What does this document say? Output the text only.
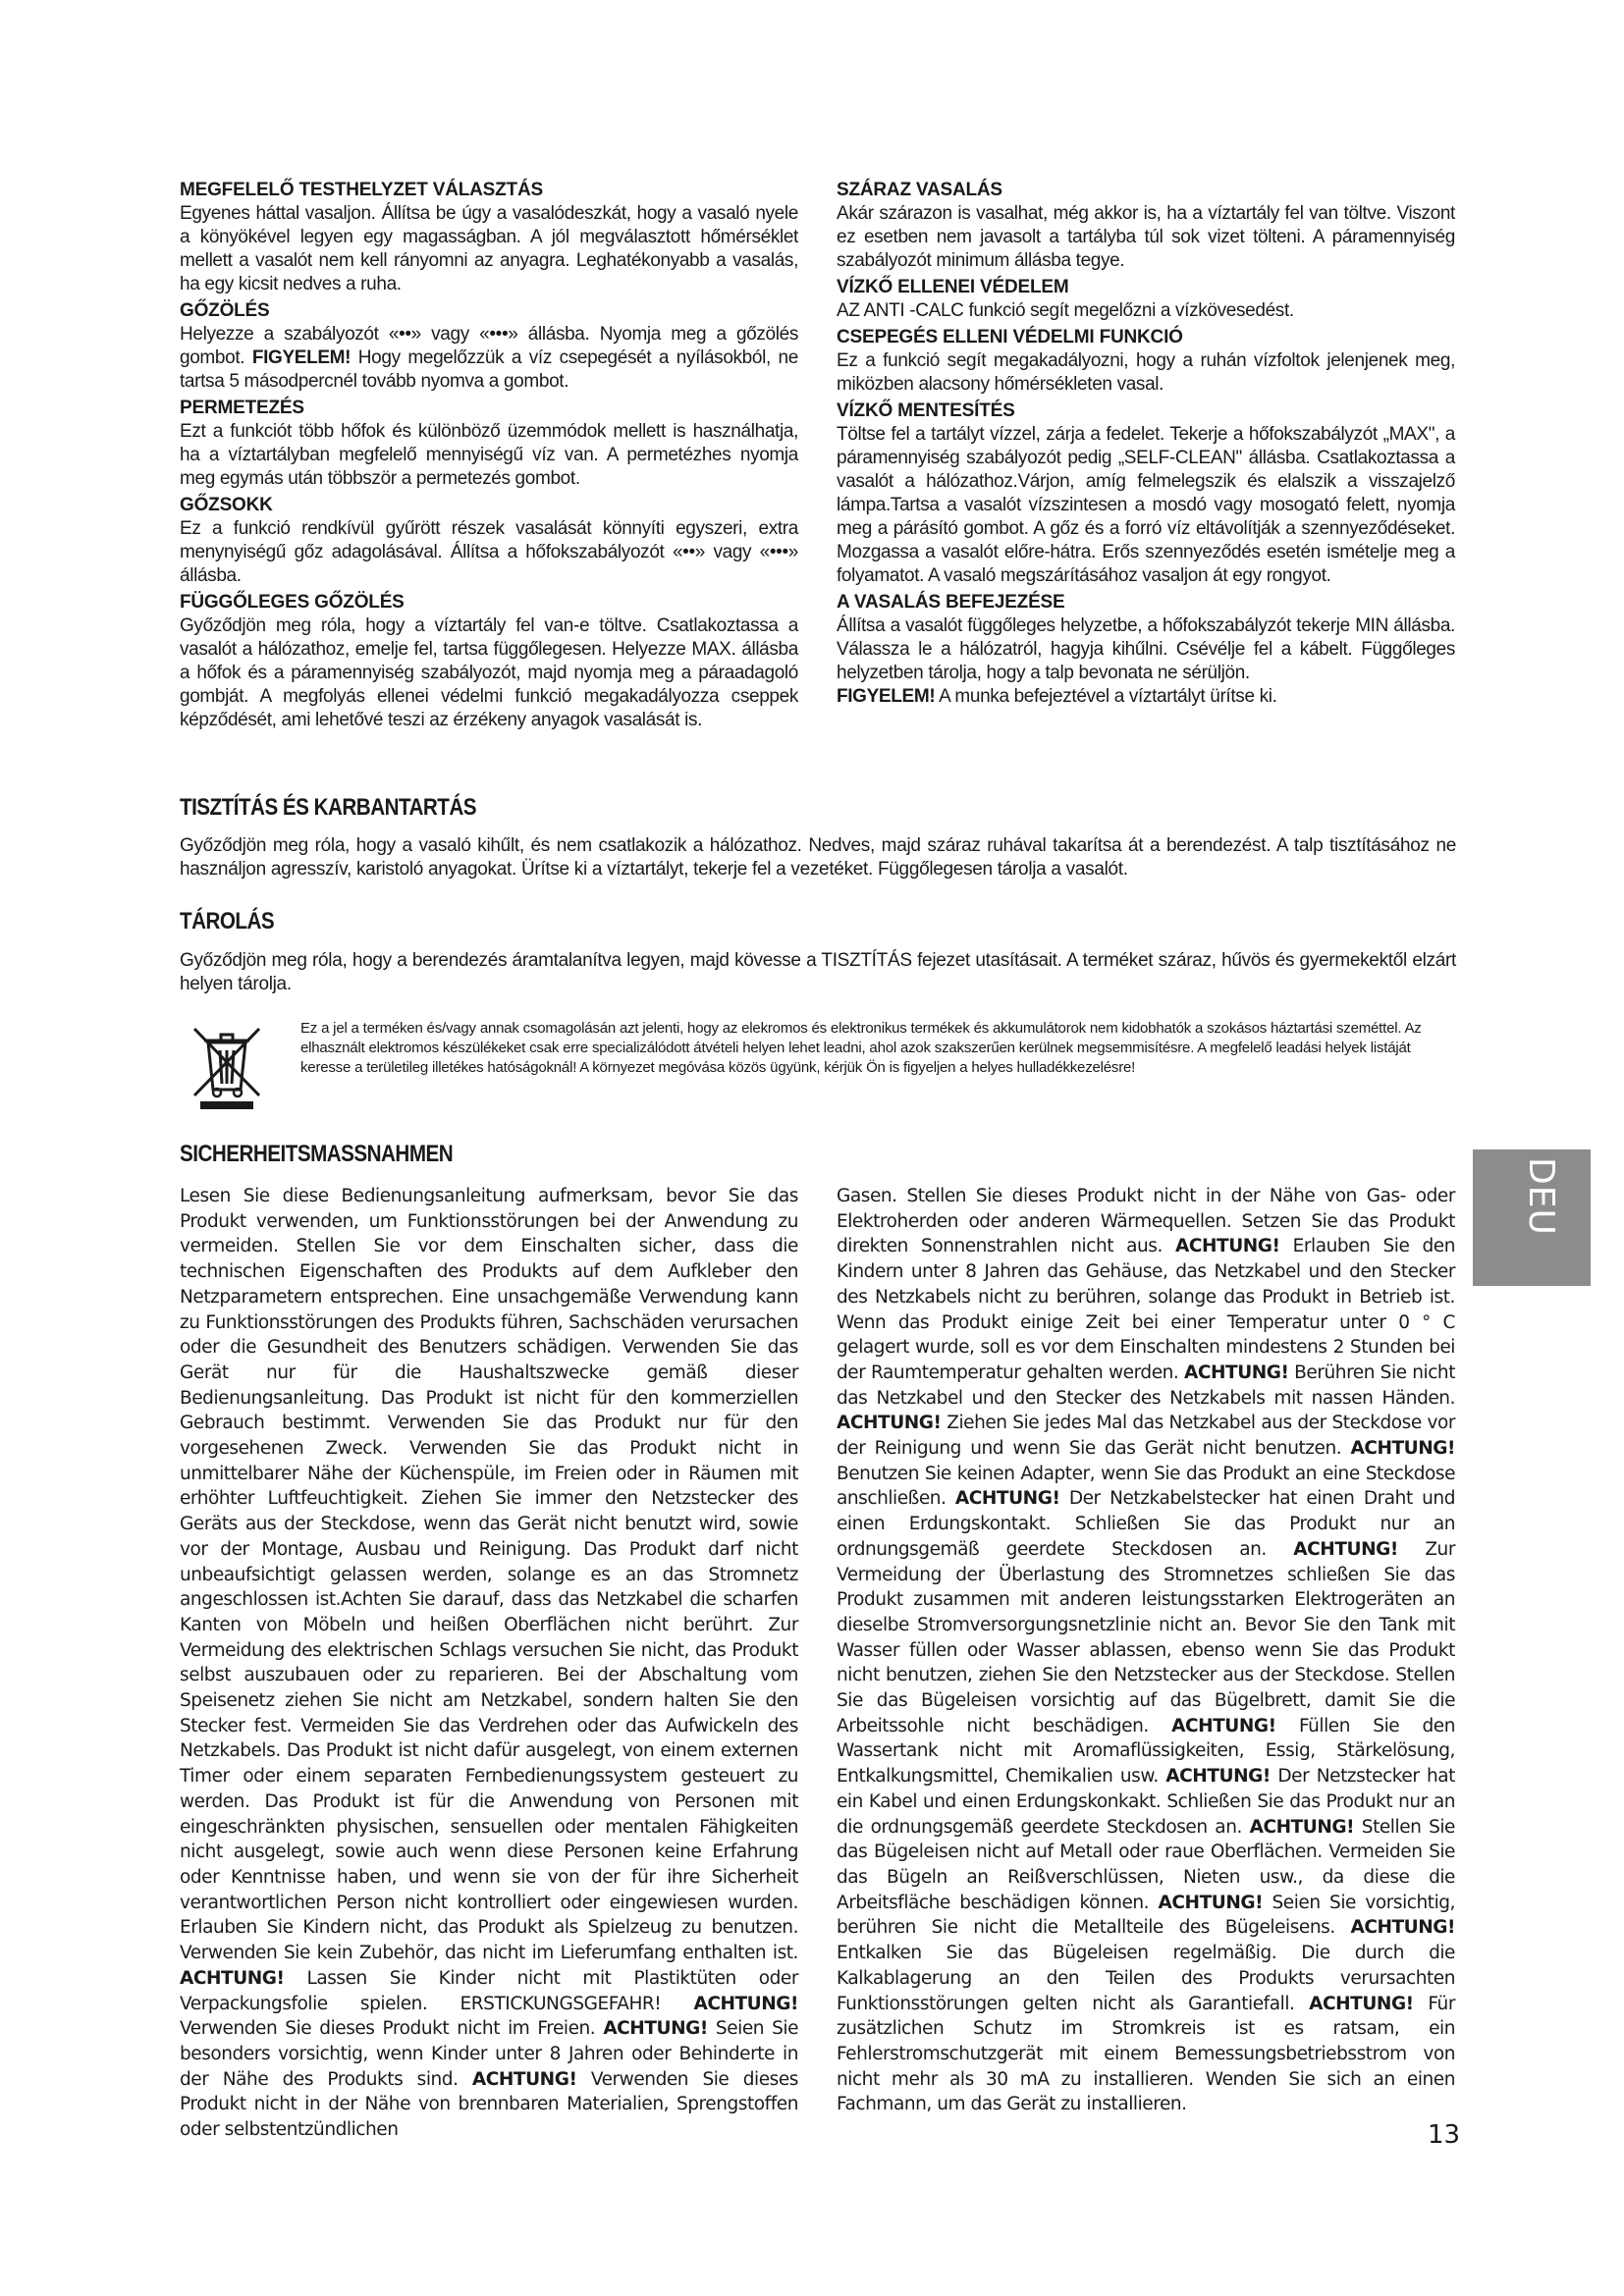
MEGFELELŐ TESTHELYZET VÁLASZTÁS

Egyenes háttal vasaljon. Állítsa be úgy a vasalódeszkát, hogy a vasaló nyele a könyökével legyen egy magasságban. A jól megválasztott hőmérséklet mellett a vasalót nem kell rányomni az anyagra. Leghatékonyabb a vasalás, ha egy kicsit nedves a ruha.

GŐZÖLÉS

Helyezze a szabályozót «••» vagy «•••» állásba. Nyomja meg a gőzölés gombot. FIGYELEM! Hogy megelőzzük a víz csepegését a nyílásokból, ne tartsa 5 másodpercnél tovább nyomva a gombot.

PERMETEZÉS

Ezt a funkciót több hőfok és különböző üzemmódok mellett is használhatja, ha a víztartályban megfelelő mennyiségű víz van. A permetézhes nyomja meg egymás után többször a permetezés gombot.

GŐZSOKK

Ez a funkció rendkívül gyűrött részek vasalását könnyíti egyszeri, extra menynyiségű gőz adagolásával. Állítsa a hőfokszabályozót «••» vagy «•••» állásba.

FÜGGŐLEGES GŐZÖLÉS

Győződjön meg róla, hogy a víztartály fel van-e töltve. Csatlakoztassa a vasalót a hálózathoz, emelje fel, tartsa függőlegesen. Helyezze MAX. állásba a hőfok és a páramennyiség szabályozót, majd nyomja meg a páraadagoló gombját. A megfolyás ellenei védelmi funkció megakadályozza cseppek képződését, ami lehetővé teszi az érzékeny anyagok vasalását is.

SZÁRAZ VASALÁS

Akár szárazon is vasalhat, még akkor is, ha a víztartály fel van töltve. Viszont ez esetben nem javasolt a tartályba túl sok vizet tölteni. A páramennyiség szabályozót minimum állásba tegye.

VÍZKŐ ELLENEI VÉDELEM

AZ ANTI -CALC funkció segít megelőzni a vízkövesedést.

CSEPEGÉS ELLENI VÉDELMI FUNKCIÓ

Ez a funkció segít megakadályozni, hogy a ruhán vízfoltok jelenjenek meg, miközben alacsony hőmérsékleten vasal.

VÍZKŐ MENTESÍTÉS

Töltse fel a tartályt vízzel, zárja a fedelet. Tekerje a hőfokszabályzót „MAX", a páramennyiség szabályozót pedig „SELF-CLEAN" állásba. Csatlakoztassa a vasalót a hálózathoz.Várjon, amíg felmelegszik és elalszik a visszajelző lámpa.Tartsa a vasalót vízszintesen a mosdó vagy mosogató felett, nyomja meg a párásító gombot. A gőz és a forró víz eltávolítják a szennyeződéseket. Mozgassa a vasalót előre-hátra. Erős szennyeződés esetén ismételje meg a folyamatot. A vasaló megszárításához vasaljon át egy rongyot.

A VASALÁS BEFEJEZÉSE

Állítsa a vasalót függőleges helyzetbe, a hőfokszabályzót tekerje MIN állásba. Válassza le a hálózatról, hagyja kihűlni. Csévélje fel a kábelt. Függőleges helyzetben tárolja, hogy a talp bevonata ne sérüljön.
FIGYELEM! A munka befejeztével a víztartályt ürítse ki.

TISZTÍTÁS ÉS KARBANTARTÁS

Győződjön meg róla, hogy a vasaló kihűlt, és nem csatlakozik a hálózathoz. Nedves, majd száraz ruhával takarítsa át a berendezést. A talp tisztításához ne használjon agresszív, karistoló anyagokat. Ürítse ki a víztartályt, tekerje fel a vezetéket. Függőlegesen tárolja a vasalót.

TÁROLÁS

Győződjön meg róla, hogy a berendezés áramtalanítva legyen, majd kövesse a TISZTÍTÁS fejezet utasításait. A terméket száraz, hűvös és gyermekektől elzárt helyen tárolja.

Ez a jel a terméken és/vagy annak csomagolásán azt jelenti, hogy az elekromos és elektronikus termékek és akkumulátorok nem kidobhatók a szokásos háztartási szeméttel. Az elhasznált elektromos készülékeket csak erre specializálódott átvételi helyen lehet leadni, ahol azok szakszerűen kerülnek megsemmisítésre. A megfelelő leadási helyek listáját keresse a területileg illetékes hatóságoknál! A környezet megóvása közös ügyünk, kérjük Ön is figyeljen a helyes hulladékkezelésre!

SICHERHEITSMASSNAHMEN

Lesen Sie diese Bedienungsanleitung aufmerksam, bevor Sie das Produkt verwenden, um Funktionsstörungen bei der Anwendung zu vermeiden. Stellen Sie vor dem Einschalten sicher, dass die technischen Eigenschaften des Produkts auf dem Aufkleber den Netzparametern entsprechen. Eine unsachgemäße Verwendung kann zu Funktionsstörungen des Produkts führen, Sachschäden verursachen oder die Gesundheit des Benutzers schädigen. Verwenden Sie das Gerät nur für die Haushaltszwecke gemäß dieser Bedienungsanleitung. Das Produkt ist nicht für den kommerziellen Gebrauch bestimmt. Verwenden Sie das Produkt nur für den vorgesehenen Zweck. Verwenden Sie das Produkt nicht in unmittelbarer Nähe der Küchenspüle, im Freien oder in Räumen mit erhöhter Luftfeuchtigkeit. Ziehen Sie immer den Netzstecker des Geräts aus der Steckdose, wenn das Gerät nicht benutzt wird, sowie vor der Montage, Ausbau und Reinigung. Das Produkt darf nicht unbeaufsichtigt gelassen werden, solange es an das Stromnetz angeschlossen ist.Achten Sie darauf, dass das Netzkabel die scharfen Kanten von Möbeln und heißen Oberflächen nicht berührt. Zur Vermeidung des elektrischen Schlags versuchen Sie nicht, das Produkt selbst auszubauen oder zu reparieren. Bei der Abschaltung vom Speisenetz ziehen Sie nicht am Netzkabel, sondern halten Sie den Stecker fest. Vermeiden Sie das Verdrehen oder das Aufwickeln des Netzkabels. Das Produkt ist nicht dafür ausgelegt, von einem externen Timer oder einem separaten Fernbedienungssystem gesteuert zu werden. Das Produkt ist für die Anwendung von Personen mit eingeschränkten physischen, sensuellen oder mentalen Fähigkeiten nicht ausgelegt, sowie auch wenn diese Personen keine Erfahrung oder Kenntnisse haben, und wenn sie von der für ihre Sicherheit verantwortlichen Person nicht kontrolliert oder eingewiesen wurden. Erlauben Sie Kindern nicht, das Produkt als Spielzeug zu benutzen. Verwenden Sie kein Zubehör, das nicht im Lieferumfang enthalten ist. ACHTUNG! Lassen Sie Kinder nicht mit Plastiktüten oder Verpackungsfolie spielen. ERSTICKUNGSGEFAHR! ACHTUNG! Verwenden Sie dieses Produkt nicht im Freien. ACHTUNG! Seien Sie besonders vorsichtig, wenn Kinder unter 8 Jahren oder Behinderte in der Nähe des Produkts sind. ACHTUNG! Verwenden Sie dieses Produkt nicht in der Nähe von brennbaren Materialien, Sprengstoffen oder selbstentzündlichen

Gasen. Stellen Sie dieses Produkt nicht in der Nähe von Gas- oder Elektroherden oder anderen Wärmequellen. Setzen Sie das Produkt direkten Sonnenstrahlen nicht aus. ACHTUNG! Erlauben Sie den Kindern unter 8 Jahren das Gehäuse, das Netzkabel und den Stecker des Netzkabels nicht zu berühren, solange das Produkt in Betrieb ist. Wenn das Produkt einige Zeit bei einer Temperatur unter 0 ° C gelagert wurde, soll es vor dem Einschalten mindestens 2 Stunden bei der Raumtemperatur gehalten werden. ACHTUNG! Berühren Sie nicht das Netzkabel und den Stecker des Netzkabels mit nassen Händen. ACHTUNG! Ziehen Sie jedes Mal das Netzkabel aus der Steckdose vor der Reinigung und wenn Sie das Gerät nicht benutzen. ACHTUNG! Benutzen Sie keinen Adapter, wenn Sie das Produkt an eine Steckdose anschließen. ACHTUNG! Der Netzkabelstecker hat einen Draht und einen Erdungskontakt. Schließen Sie das Produkt nur an ordnungsgemäß geerdete Steckdosen an. ACHTUNG! Zur Vermeidung der Überlastung des Stromnetzes schließen Sie das Produkt zusammen mit anderen leistungsstarken Elektrogeräten an dieselbe Stromversorgungsnetzlinie nicht an. Bevor Sie den Tank mit Wasser füllen oder Wasser ablassen, ebenso wenn Sie das Produkt nicht benutzen, ziehen Sie den Netzstecker aus der Steckdose. Stellen Sie das Bügeleisen vorsichtig auf das Bügelbrett, damit Sie die Arbeitssohle nicht beschädigen. ACHTUNG! Füllen Sie den Wassertank nicht mit Aromaflüssigkeiten, Essig, Stärkelösung, Entkalkungsmittel, Chemikalien usw. ACHTUNG! Der Netzstecker hat ein Kabel und einen Erdungskonkakt. Schließen Sie das Produkt nur an die ordnungsgemäß geerdete Steckdosen an. ACHTUNG! Stellen Sie das Bügeleisen nicht auf Metall oder raue Oberflächen. Vermeiden Sie das Bügeln an Reißverschlüssen, Nieten usw., da diese die Arbeitsfläche beschädigen können. ACHTUNG! Seien Sie vorsichtig, berühren Sie nicht die Metallteile des Bügeleisens. ACHTUNG! Entkalken Sie das Bügeleisen regelmäßig. Die durch die Kalkablagerung an den Teilen des Produkts verursachten Funktionsstörungen gelten nicht als Garantiefall. ACHTUNG! Für zusätzlichen Schutz im Stromkreis ist es ratsam, ein Fehlerstromschutzgerät mit einem Bemessungsbetriebsstrom von nicht mehr als 30 mA zu installieren. Wenden Sie sich an einen Fachmann, um das Gerät zu installieren.

DEU

13
